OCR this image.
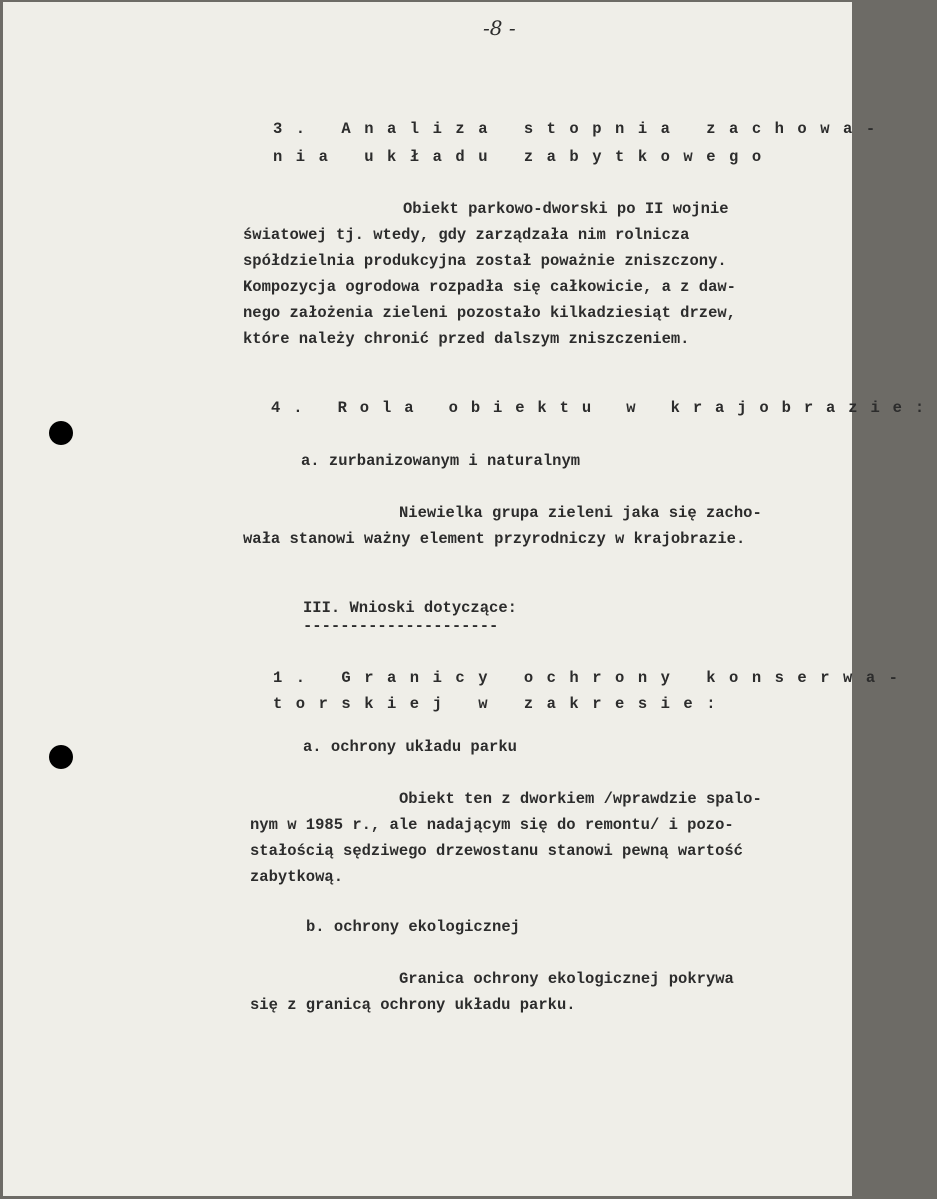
-8 -
3. Analiza stopnia zachowa-
nia układu zabytkowego
Obiekt parkowo-dworski po II wojnie
światowej tj. wtedy, gdy zarządzała nim rolnicza
spółdzielnia produkcyjna został poważnie zniszczony.
Kompozycja ogrodowa rozpadła się całkowicie, a z daw-
nego założenia zieleni pozostało kilkadziesiąt drzew,
które należy chronić przed dalszym zniszczeniem.
4. Rola obiektu w krajobrazie:
a. zurbanizowanym i naturalnym
Niewielka grupa zieleni jaka się zacho-
wała stanowi ważny element przyrodniczy w krajobrazie.
III. Wnioski dotyczące:
---------------------
1. Granicy ochrony konserwa-
torskiej w zakresie:
a. ochrony układu parku
Obiekt ten z dworkiem /wprawdzie spalo-
nym w 1985 r., ale nadającym się do remontu/ i pozo-
stałością sędziwego drzewostanu stanowi pewną wartość
zabytkową.
b. ochrony ekologicznej
Granica ochrony ekologicznej pokrywa
się z granicą ochrony układu parku.
